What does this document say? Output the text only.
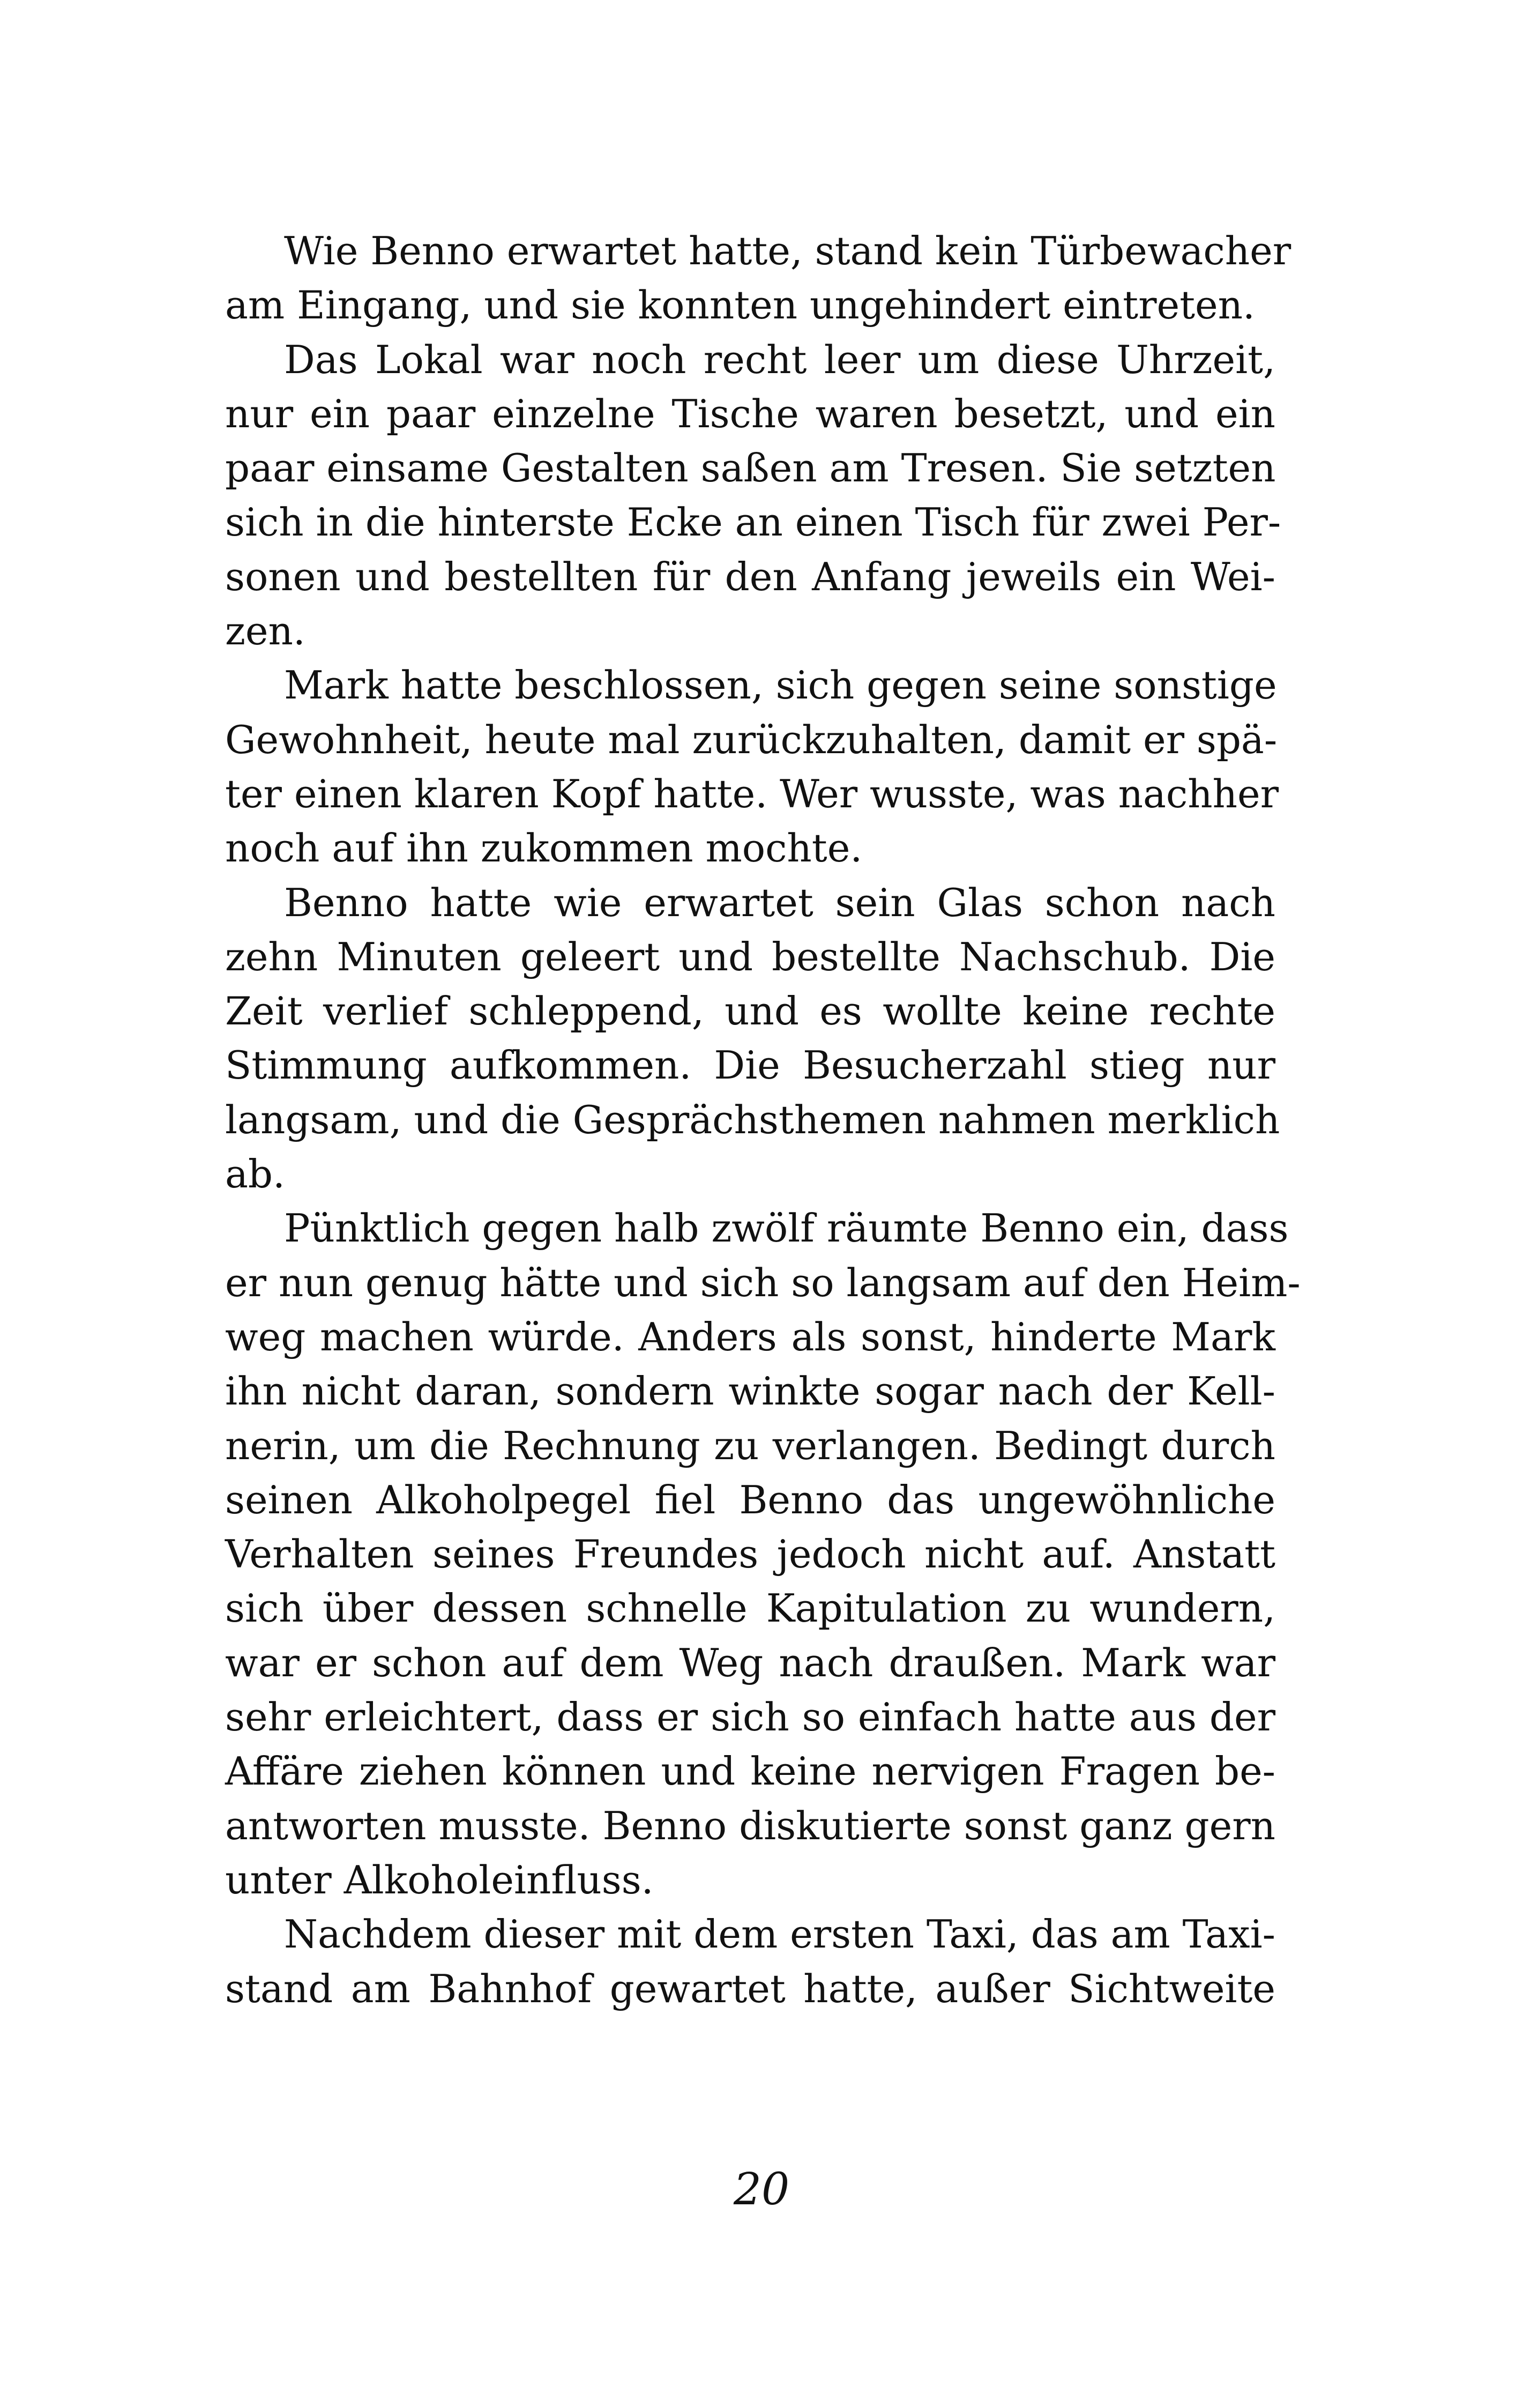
Wie Benno erwartet hatte, stand kein Türbewacher
am Eingang, und sie konnten ungehindert eintreten.
Das Lokal war noch recht leer um diese Uhrzeit,
nur ein paar einzelne Tische waren besetzt, und ein
paar einsame Gestalten saßen am Tresen. Sie setzten
sich in die hinterste Ecke an einen Tisch für zwei Per-
sonen und bestellten für den Anfang jeweils ein Wei-
zen.
Mark hatte beschlossen, sich gegen seine sonstige
Gewohnheit, heute mal zurückzuhalten, damit er spä-
ter einen klaren Kopf hatte. Wer wusste, was nachher
noch auf ihn zukommen mochte.
Benno hatte wie erwartet sein Glas schon nach
zehn Minuten geleert und bestellte Nachschub. Die
Zeit verlief schleppend, und es wollte keine rechte
Stimmung aufkommen. Die Besucherzahl stieg nur
langsam, und die Gesprächsthemen nahmen merklich
ab.
Pünktlich gegen halb zwölf räumte Benno ein, dass
er nun genug hätte und sich so langsam auf den Heim-
weg machen würde. Anders als sonst, hinderte Mark
ihn nicht daran, sondern winkte sogar nach der Kell-
nerin, um die Rechnung zu verlangen. Bedingt durch
seinen Alkoholpegel fiel Benno das ungewöhnliche
Verhalten seines Freundes jedoch nicht auf. Anstatt
sich über dessen schnelle Kapitulation zu wundern,
war er schon auf dem Weg nach draußen. Mark war
sehr erleichtert, dass er sich so einfach hatte aus der
Affäre ziehen können und keine nervigen Fragen be-
antworten musste. Benno diskutierte sonst ganz gern
unter Alkoholeinfluss.
Nachdem dieser mit dem ersten Taxi, das am Taxi-
stand am Bahnhof gewartet hatte, außer Sichtweite
20
